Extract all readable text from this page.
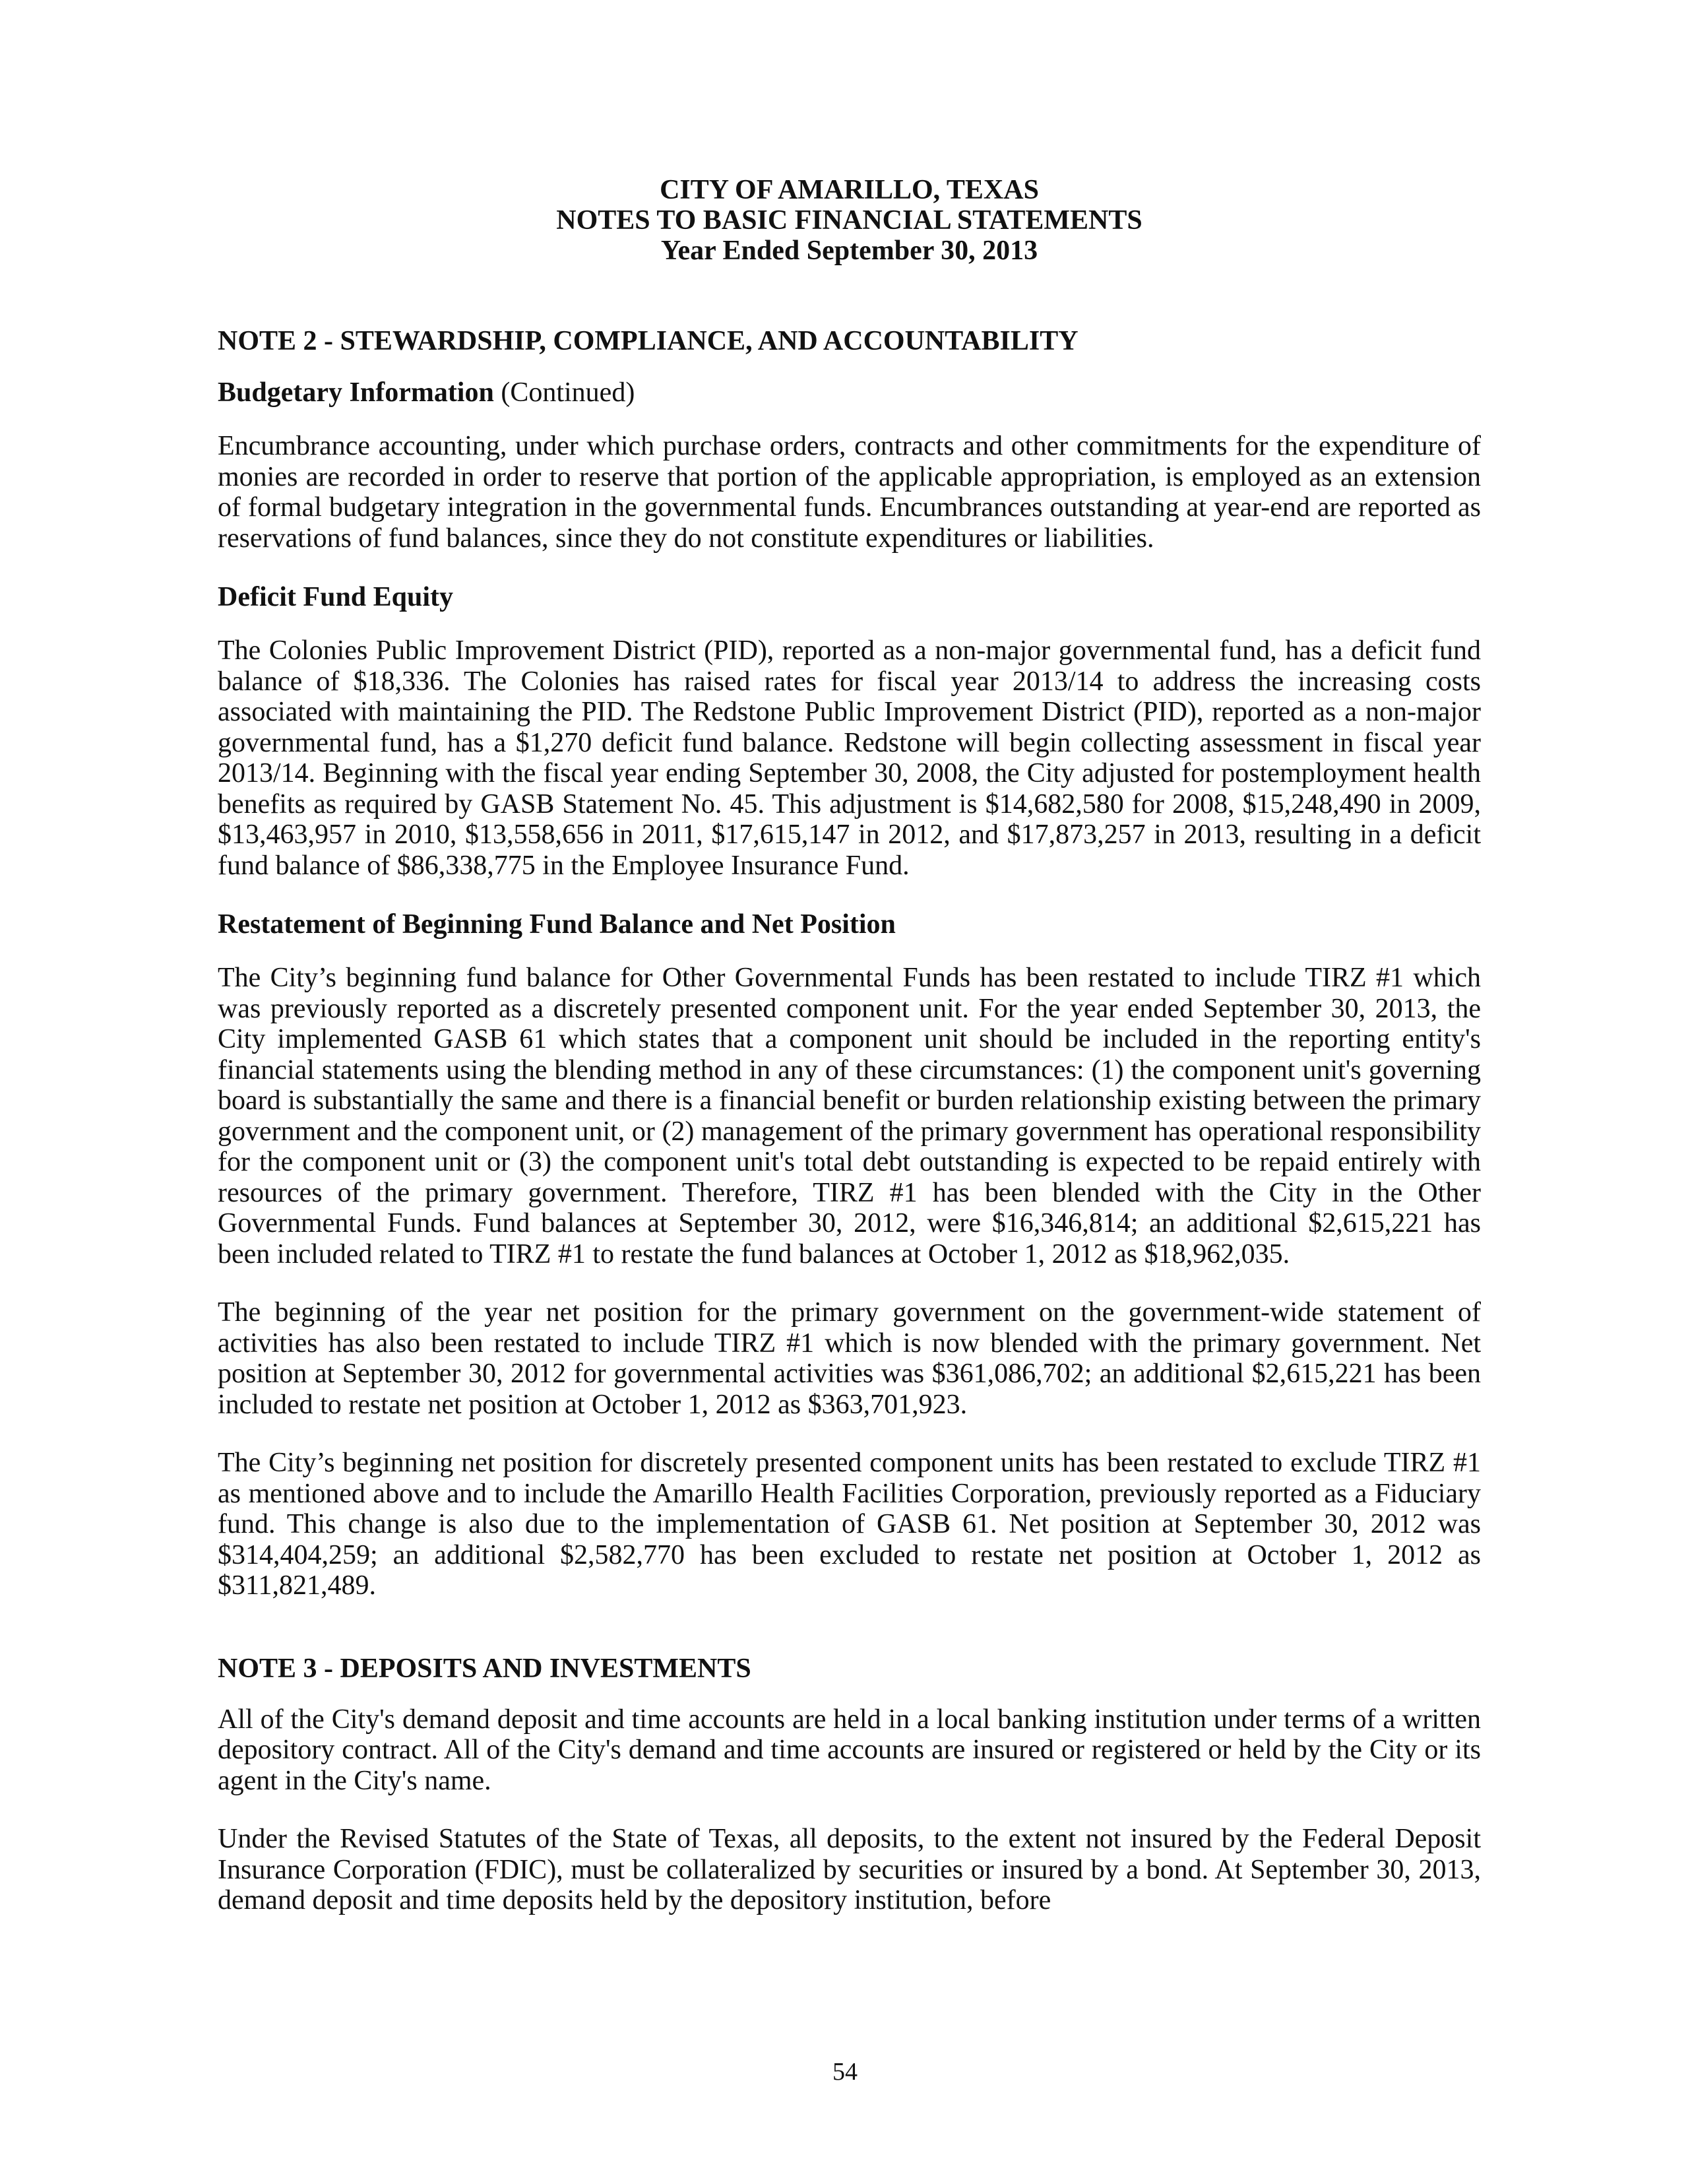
CITY OF AMARILLO, TEXAS
NOTES TO BASIC FINANCIAL STATEMENTS
Year Ended September 30, 2013
NOTE 2 - STEWARDSHIP, COMPLIANCE, AND ACCOUNTABILITY
Budgetary Information (Continued)

Encumbrance accounting, under which purchase orders, contracts and other commitments for the expenditure of monies are recorded in order to reserve that portion of the applicable appropriation, is employed as an extension of formal budgetary integration in the governmental funds. Encumbrances outstanding at year-end are reported as reservations of fund balances, since they do not constitute expenditures or liabilities.

Deficit Fund Equity

The Colonies Public Improvement District (PID), reported as a non-major governmental fund, has a deficit fund balance of $18,336. The Colonies has raised rates for fiscal year 2013/14 to address the increasing costs associated with maintaining the PID. The Redstone Public Improvement District (PID), reported as a non-major governmental fund, has a $1,270 deficit fund balance. Redstone will begin collecting assessment in fiscal year 2013/14. Beginning with the fiscal year ending September 30, 2008, the City adjusted for postemployment health benefits as required by GASB Statement No. 45. This adjustment is $14,682,580 for 2008, $15,248,490 in 2009, $13,463,957 in 2010, $13,558,656 in 2011, $17,615,147 in 2012, and $17,873,257 in 2013, resulting in a deficit fund balance of $86,338,775 in the Employee Insurance Fund.

Restatement of Beginning Fund Balance and Net Position

The City’s beginning fund balance for Other Governmental Funds has been restated to include TIRZ #1 which was previously reported as a discretely presented component unit. For the year ended September 30, 2013, the City implemented GASB 61 which states that a component unit should be included in the reporting entity's financial statements using the blending method in any of these circumstances: (1) the component unit's governing board is substantially the same and there is a financial benefit or burden relationship existing between the primary government and the component unit, or (2) management of the primary government has operational responsibility for the component unit or (3) the component unit's total debt outstanding is expected to be repaid entirely with resources of the primary government. Therefore, TIRZ #1 has been blended with the City in the Other Governmental Funds. Fund balances at September 30, 2012, were $16,346,814; an additional $2,615,221 has been included related to TIRZ #1 to restate the fund balances at October 1, 2012 as $18,962,035.

The beginning of the year net position for the primary government on the government-wide statement of activities has also been restated to include TIRZ #1 which is now blended with the primary government. Net position at September 30, 2012 for governmental activities was $361,086,702; an additional $2,615,221 has been included to restate net position at October 1, 2012 as $363,701,923.

The City’s beginning net position for discretely presented component units has been restated to exclude TIRZ #1 as mentioned above and to include the Amarillo Health Facilities Corporation, previously reported as a Fiduciary fund. This change is also due to the implementation of GASB 61. Net position at September 30, 2012 was $314,404,259; an additional $2,582,770 has been excluded to restate net position at October 1, 2012 as $311,821,489.

NOTE 3 - DEPOSITS AND INVESTMENTS

All of the City's demand deposit and time accounts are held in a local banking institution under terms of a written depository contract. All of the City's demand and time accounts are insured or registered or held by the City or its agent in the City's name.

Under the Revised Statutes of the State of Texas, all deposits, to the extent not insured by the Federal Deposit Insurance Corporation (FDIC), must be collateralized by securities or insured by a bond. At September 30, 2013, demand deposit and time deposits held by the depository institution, before

54
